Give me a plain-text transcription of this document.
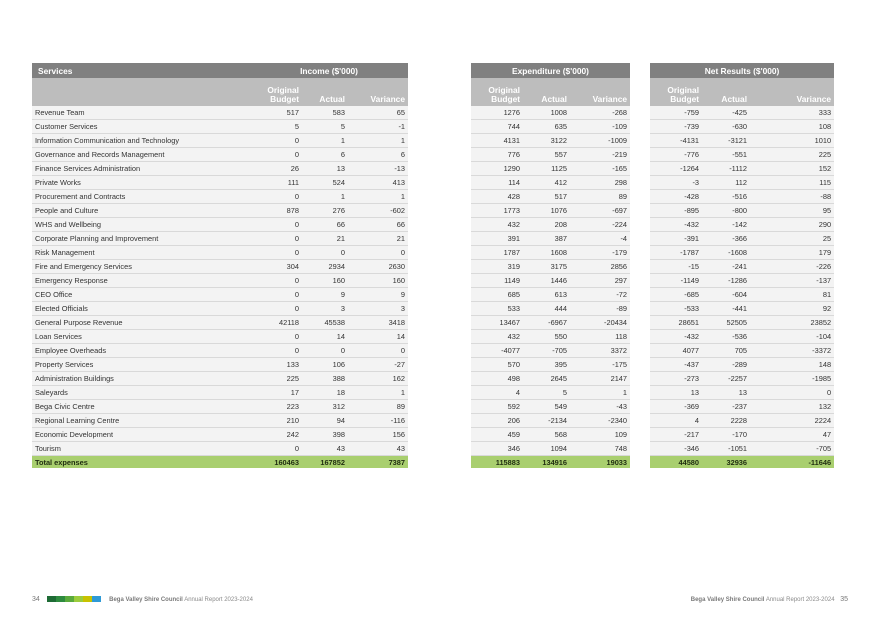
Services	Income ($'000)				Expenditure ($'000)				Net Results ($'000)		
	Original Budget	Actual	Variance		Original Budget	Actual	Variance		Original Budget	Actual	Variance
Revenue Team	517	583	65		1276	1008	-268		-759	-425	333
Customer Services	5	5	-1		744	635	-109		-739	-630	108
Information Communication and Technology	0	1	1		4131	3122	-1009		-4131	-3121	1010
Governance and Records Management	0	6	6		776	557	-219		-776	-551	225
Finance Services Administration	26	13	-13		1290	1125	-165		-1264	-1112	152
Private Works	111	524	413		114	412	298		-3	112	115
Procurement and Contracts	0	1	1		428	517	89		-428	-516	-88
People and Culture	878	276	-602		1773	1076	-697		-895	-800	95
WHS and Wellbeing	0	66	66		432	208	-224		-432	-142	290
Corporate Planning and Improvement	0	21	21		391	387	-4		-391	-366	25
Risk Management	0	0	0		1787	1608	-179		-1787	-1608	179
Fire and Emergency Services	304	2934	2630		319	3175	2856		-15	-241	-226
Emergency Response	0	160	160		1149	1446	297		-1149	-1286	-137
CEO Office	0	9	9		685	613	-72		-685	-604	81
Elected Officials	0	3	3		533	444	-89		-533	-441	92
General Purpose Revenue	42118	45538	3418		13467	-6967	-20434		28651	52505	23852
Loan Services	0	14	14		432	550	118		-432	-536	-104
Employee Overheads	0	0	0		-4077	-705	3372		4077	705	-3372
Property Services	133	106	-27		570	395	-175		-437	-289	148
Administration Buildings	225	388	162		498	2645	2147		-273	-2257	-1985
Saleyards	17	18	1		4	5	1		13	13	0
Bega Civic Centre	223	312	89		592	549	-43		-369	-237	132
Regional Learning Centre	210	94	-116		206	-2134	-2340		4	2228	2224
Economic Development	242	398	156		459	568	109		-217	-170	47
Tourism	0	43	43		346	1094	748		-346	-1051	-705
Total expenses	160463	167852	7387		115883	134916	19033		44580	32936	-11646
34	Bega Valley Shire Council Annual Report 2023-2024	Bega Valley Shire Council Annual Report 2023-2024 35
